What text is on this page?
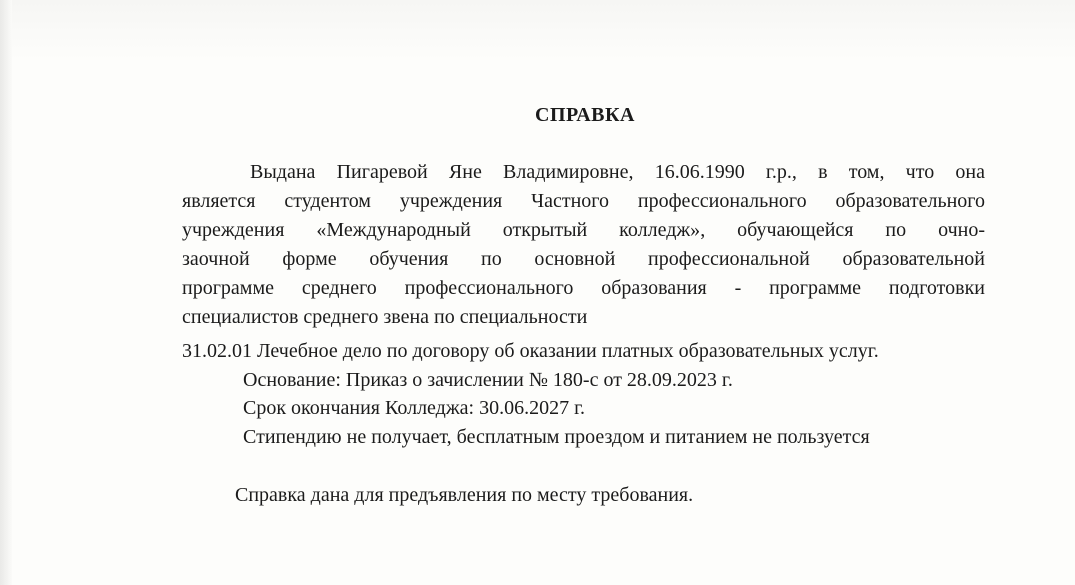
СПРАВКА
Выдана Пигаревой Яне Владимировне, 16.06.1990 г.р., в том, что она
является студентом учреждения Частного профессионального образовательного
учреждения «Международный открытый колледж», обучающейся по очно-
заочной форме обучения по основной профессиональной образовательной
программе среднего профессионального образования - программе подготовки
специалистов среднего звена по специальности
31.02.01 Лечебное дело по договору об оказании платных образовательных услуг.
Основание: Приказ о зачислении № 180-с от 28.09.2023 г.
Срок окончания Колледжа: 30.06.2027 г.
Стипендию не получает, бесплатным проездом и питанием не пользуется
Справка дана для предъявления по месту требования.
